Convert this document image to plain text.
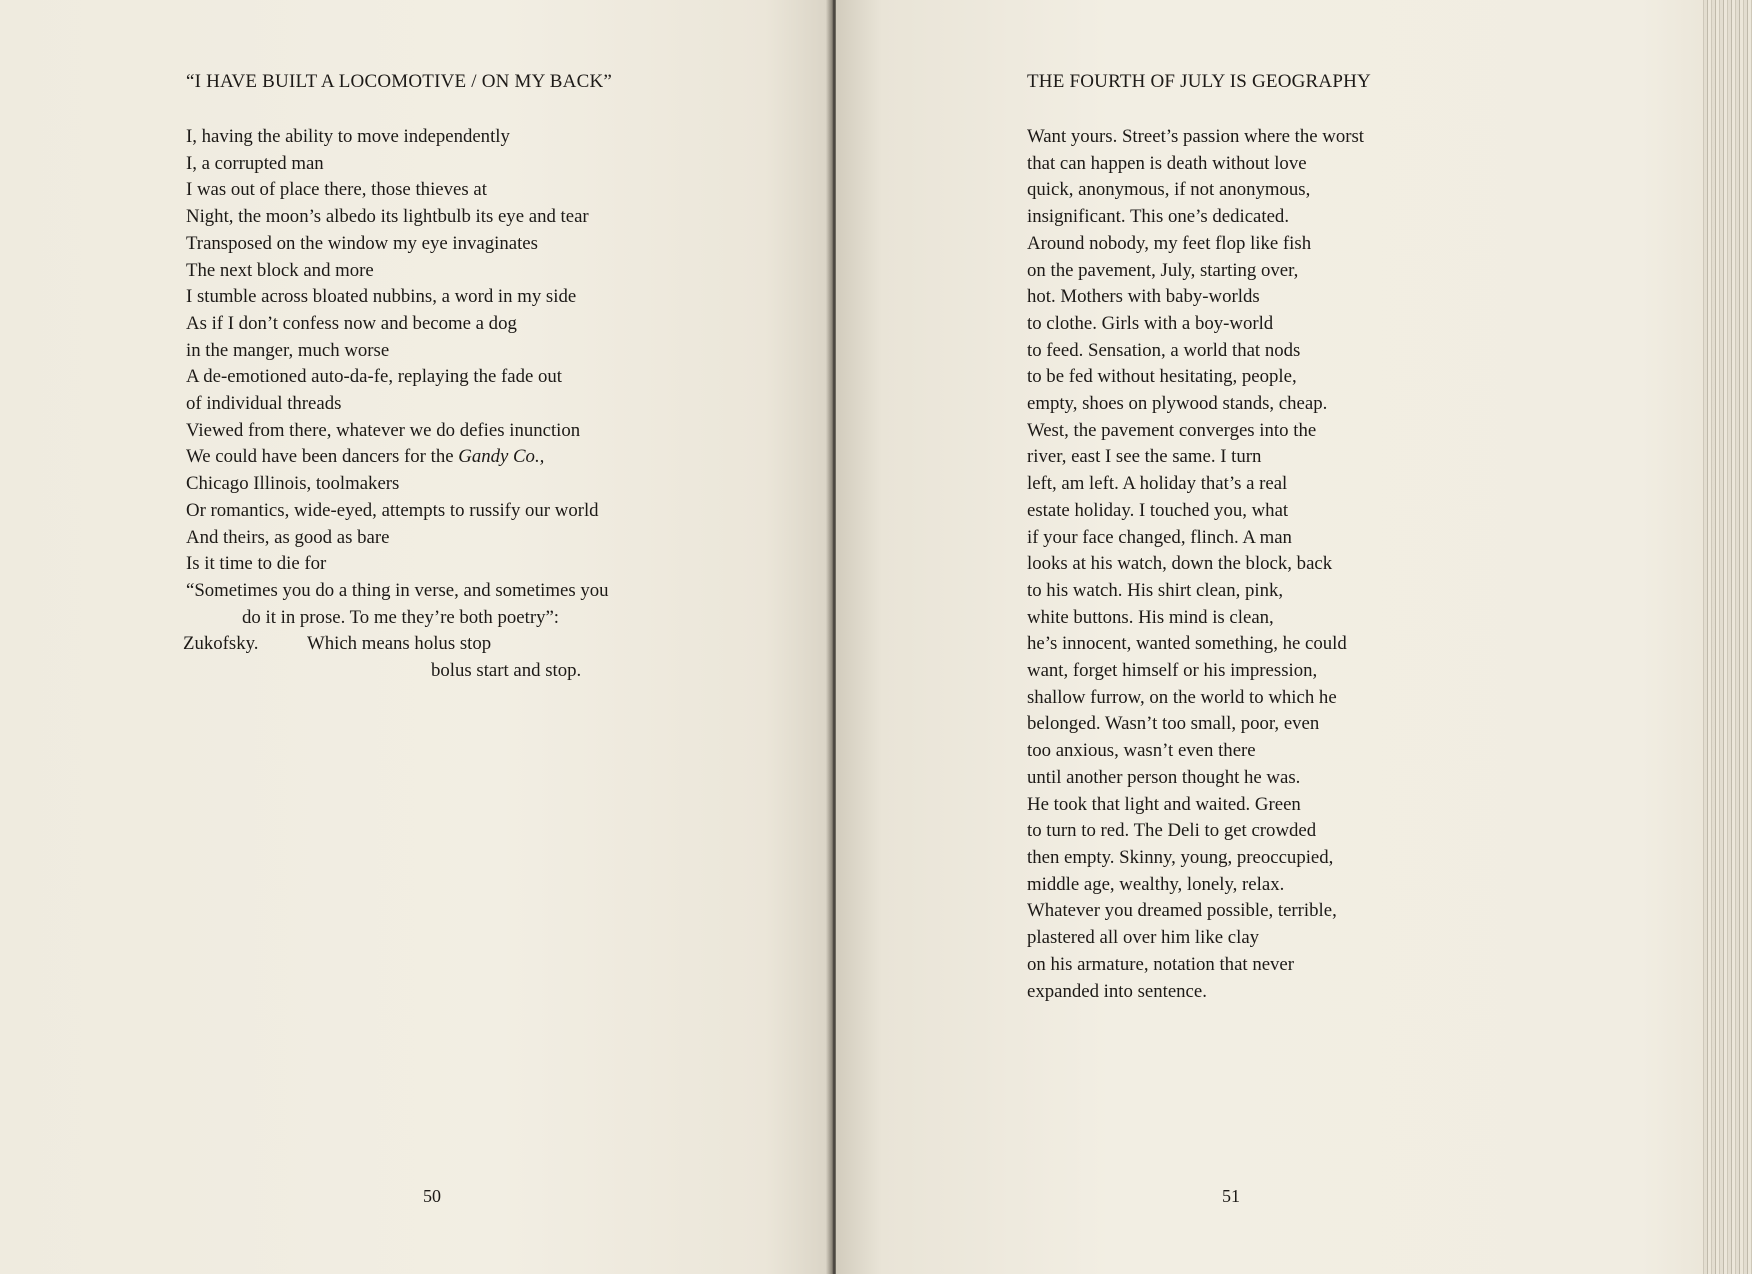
“I HAVE BUILT A LOCOMOTIVE / ON MY BACK”
I, having the ability to move independently
I, a corrupted man
I was out of place there, those thieves at
Night, the moon’s albedo its lightbulb its eye and tear
Transposed on the window my eye invaginates
The next block and more
I stumble across bloated nubbins, a word in my side
As if I don’t confess now and become a dog
in the manger, much worse
A de-emotioned auto-da-fe, replaying the fade out
of individual threads
Viewed from there, whatever we do defies inunction
We could have been dancers for the Gandy Co.,
Chicago Illinois, toolmakers
Or romantics, wide-eyed, attempts to russify our world
And theirs, as good as bare
Is it time to die for
“Sometimes you do a thing in verse, and sometimes you
do it in prose. To me they’re both poetry”:
Zukofsky.	Which means holus stop
bolus start and stop.
50
THE FOURTH OF JULY IS GEOGRAPHY
Want yours. Street’s passion where the worst
that can happen is death without love
quick, anonymous, if not anonymous,
insignificant. This one’s dedicated.
Around nobody, my feet flop like fish
on the pavement, July, starting over,
hot. Mothers with baby-worlds
to clothe. Girls with a boy-world
to feed. Sensation, a world that nods
to be fed without hesitating, people,
empty, shoes on plywood stands, cheap.
West, the pavement converges into the
river, east I see the same. I turn
left, am left. A holiday that’s a real
estate holiday. I touched you, what
if your face changed, flinch. A man
looks at his watch, down the block, back
to his watch. His shirt clean, pink,
white buttons. His mind is clean,
he’s innocent, wanted something, he could
want, forget himself or his impression,
shallow furrow, on the world to which he
belonged. Wasn’t too small, poor, even
too anxious, wasn’t even there
until another person thought he was.
He took that light and waited. Green
to turn to red. The Deli to get crowded
then empty. Skinny, young, preoccupied,
middle age, wealthy, lonely, relax.
Whatever you dreamed possible, terrible,
plastered all over him like clay
on his armature, notation that never
expanded into sentence.
51
